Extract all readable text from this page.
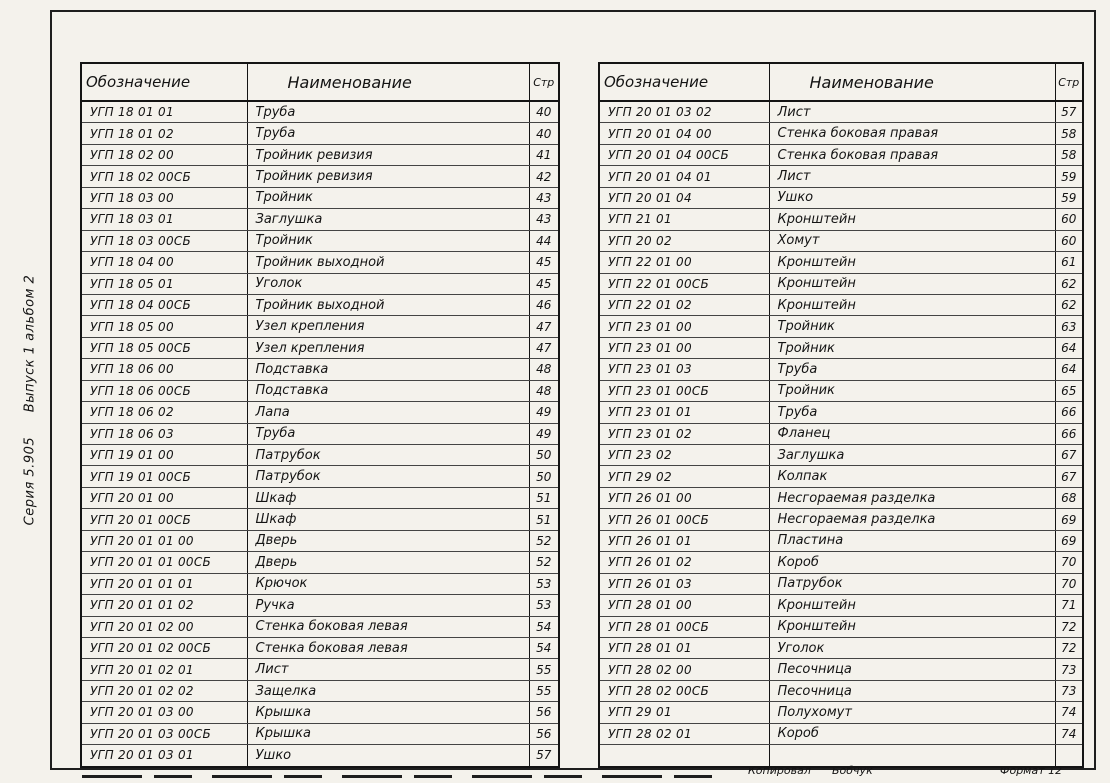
Серия 5.905 Выпуск 1 альбом 2
Обозначение	Наименование	Стр
УГП 18 01 01	Труба	40
УГП 18 01 02	Труба	40
УГП 18 02 00	Тройник ревизия	41
УГП 18 02 00СБ	Тройник ревизия	42
УГП 18 03 00	Тройник	43
УГП 18 03 01	Заглушка	43
УГП 18 03 00СБ	Тройник	44
УГП 18 04 00	Тройник выходной	45
УГП 18 05 01	Уголок	45
УГП 18 04 00СБ	Тройник выходной	46
УГП 18 05 00	Узел крепления	47
УГП 18 05 00СБ	Узел крепления	47
УГП 18 06 00	Подставка	48
УГП 18 06 00СБ	Подставка	48
УГП 18 06 02	Лапа	49
УГП 18 06 03	Труба	49
УГП 19 01 00	Патрубок	50
УГП 19 01 00СБ	Патрубок	50
УГП 20 01 00	Шкаф	51
УГП 20 01 00СБ	Шкаф	51
УГП 20 01 01 00	Дверь	52
УГП 20 01 01 00СБ	Дверь	52
УГП 20 01 01 01	Крючок	53
УГП 20 01 01 02	Ручка	53
УГП 20 01 02 00	Стенка боковая левая	54
УГП 20 01 02 00СБ	Стенка боковая левая	54
УГП 20 01 02 01	Лист	55
УГП 20 01 02 02	Защелка	55
УГП 20 01 03 00	Крышка	56
УГП 20 01 03 00СБ	Крышка	56
УГП 20 01 03 01	Ушко	57
Обозначение	Наименование	Стр
УГП 20 01 03 02	Лист	57
УГП 20 01 04 00	Стенка боковая правая	58
УГП 20 01 04 00СБ	Стенка боковая правая	58
УГП 20 01 04 01	Лист	59
УГП 20 01 04	Ушко	59
УГП 21 01	Кронштейн	60
УГП 20 02	Хомут	60
УГП 22 01 00	Кронштейн	61
УГП 22 01 00СБ	Кронштейн	62
УГП 22 01 02	Кронштейн	62
УГП 23 01 00	Тройник	63
УГП 23 01 00	Тройник	64
УГП 23 01 03	Труба	64
УГП 23 01 00СБ	Тройник	65
УГП 23 01 01	Труба	66
УГП 23 01 02	Фланец	66
УГП 23 02	Заглушка	67
УГП 29 02	Колпак	67
УГП 26 01 00	Несгораемая разделка	68
УГП 26 01 00СБ	Несгораемая разделка	69
УГП 26 01 01	Пластина	69
УГП 26 01 02	Короб	70
УГП 26 01 03	Патрубок	70
УГП 28 01 00	Кронштейн	71
УГП 28 01 00СБ	Кронштейн	72
УГП 28 01 01	Уголок	72
УГП 28 02 00	Песочница	73
УГП 28 02 00СБ	Песочница	73
УГП 29 01	Полухомут	74
УГП 28 02 01	Короб	74

Копировал Бобчук	Формат 12
